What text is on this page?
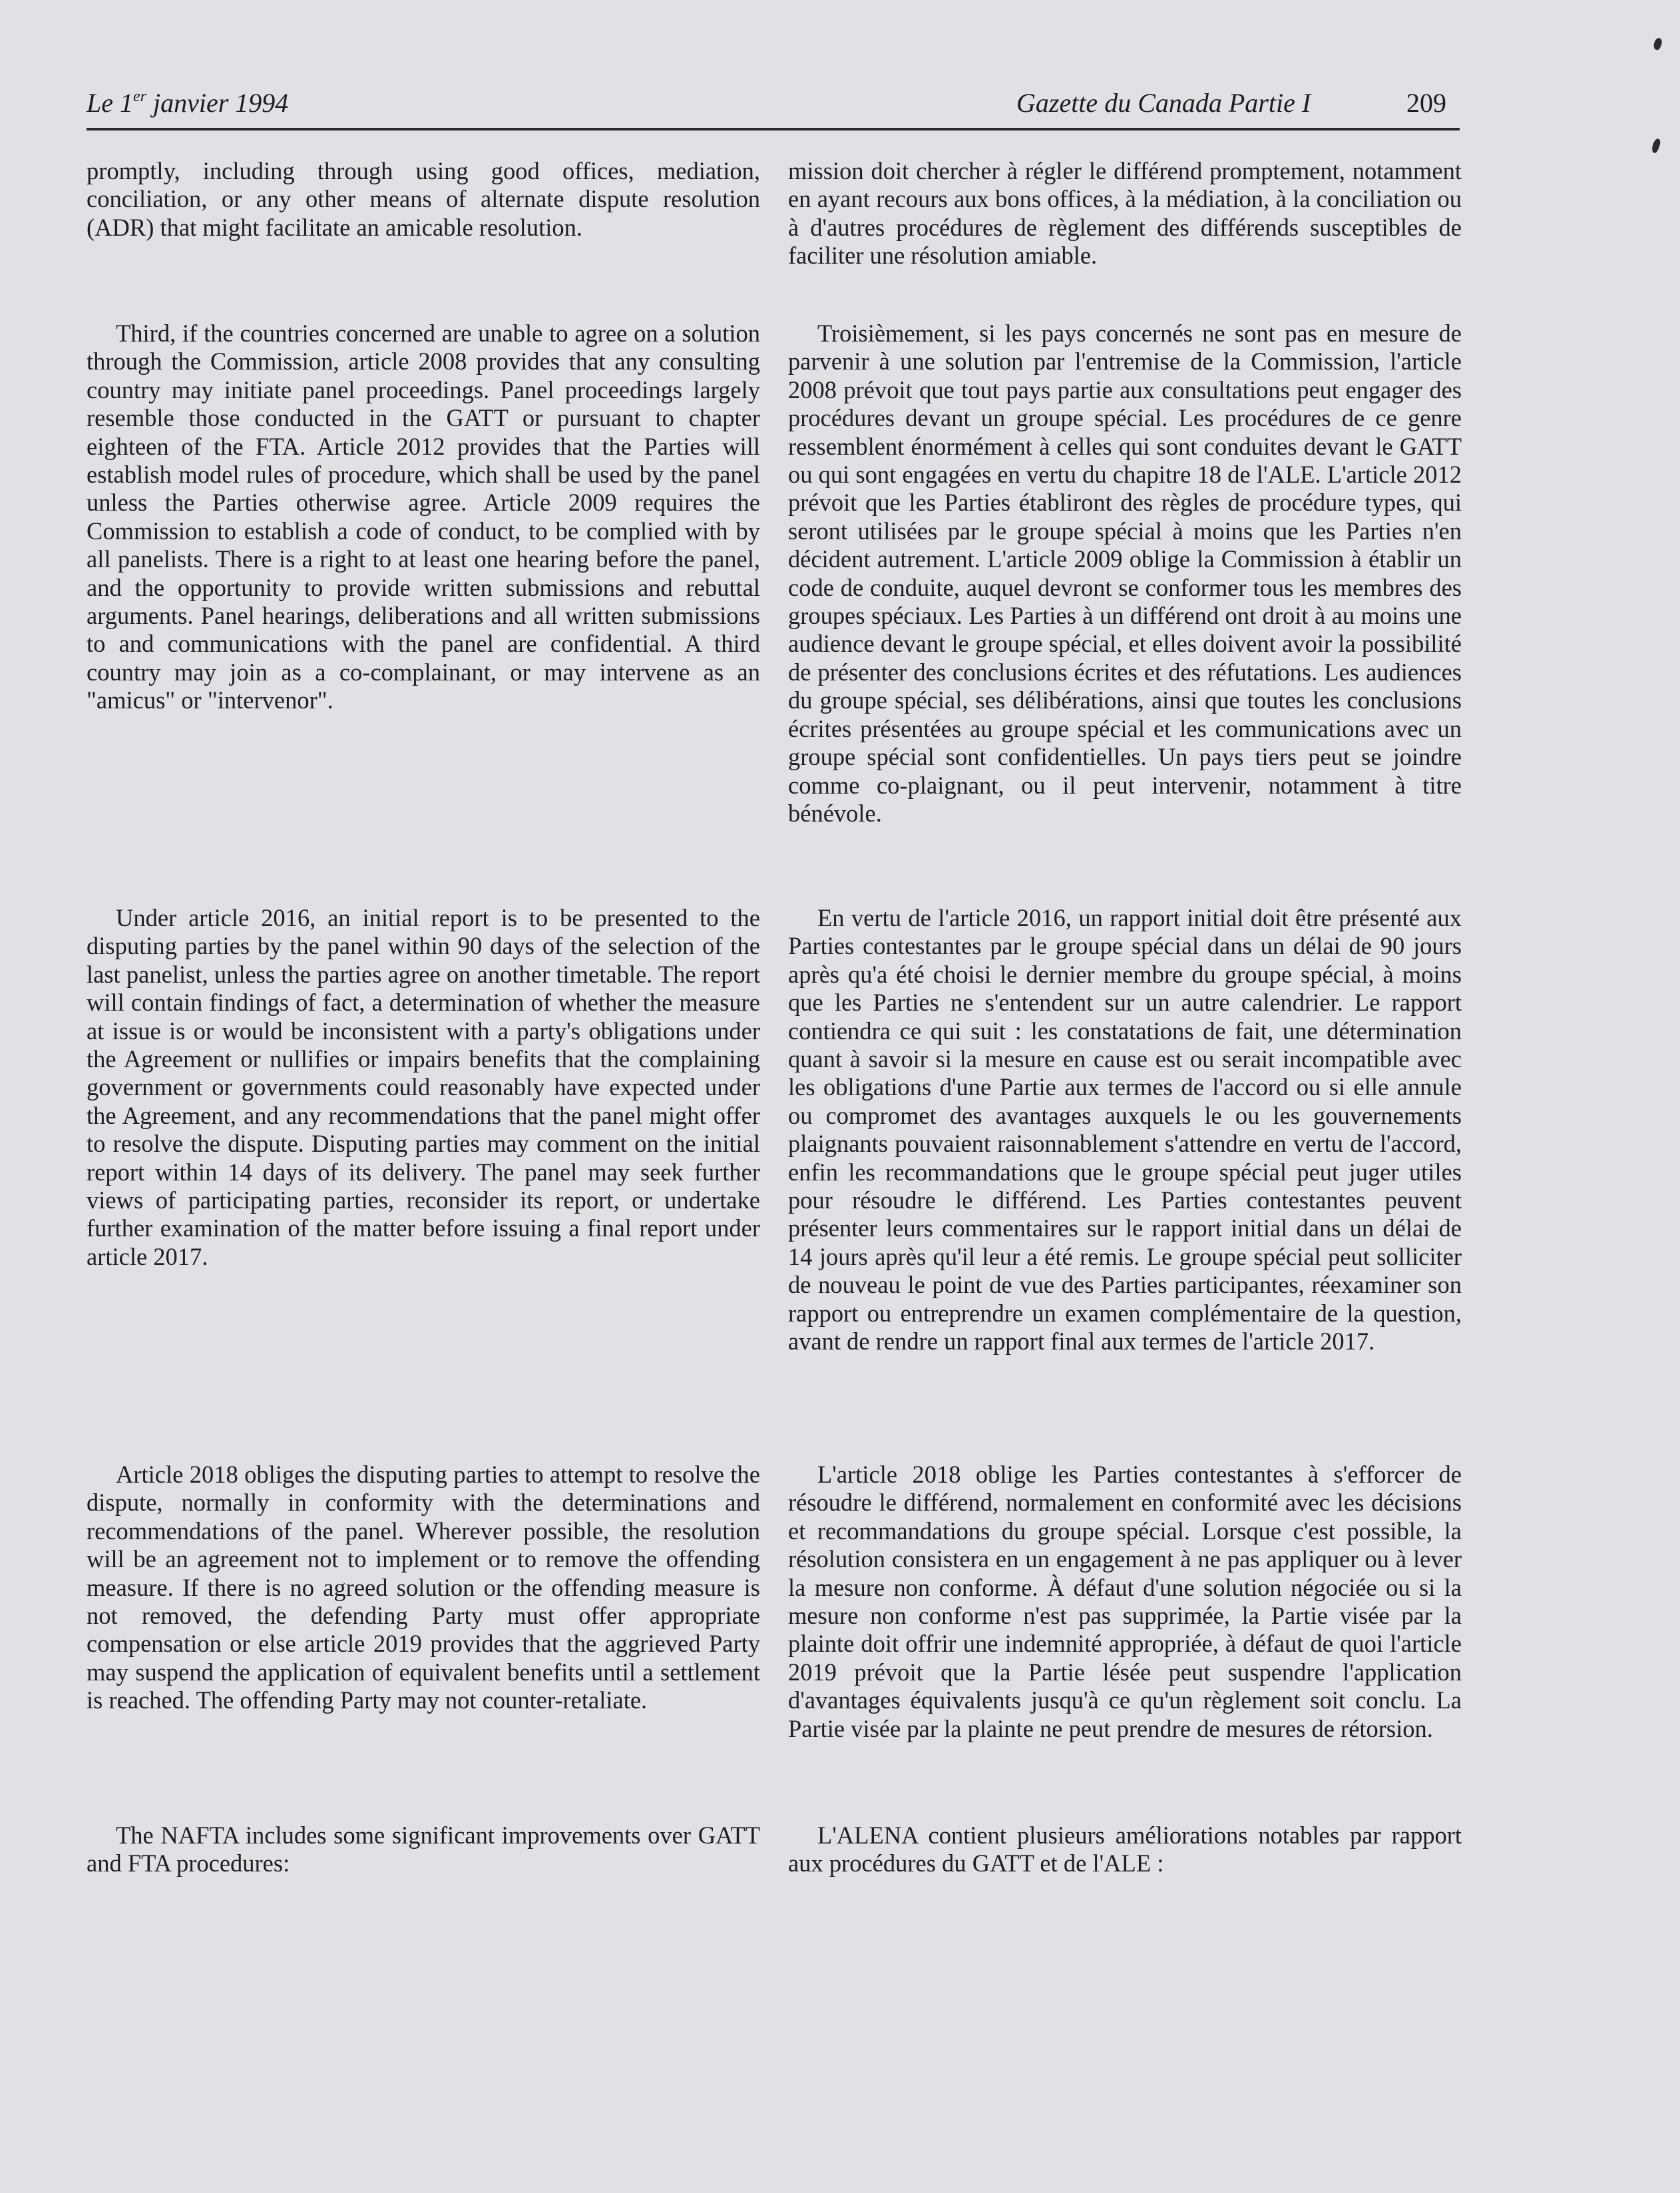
Le 1er janvier 1994	Gazette du Canada Partie I	209

promptly, including through using good offices, mediation, conciliation, or any other means of alternate dispute resolution (ADR) that might facilitate an amicable resolution.

Third, if the countries concerned are unable to agree on a solution through the Commission, article 2008 provides that any consulting country may initiate panel proceedings. Panel proceedings largely resemble those conducted in the GATT or pursuant to chapter eighteen of the FTA. Article 2012 provides that the Parties will establish model rules of procedure, which shall be used by the panel unless the Parties otherwise agree. Article 2009 requires the Commission to establish a code of conduct, to be complied with by all panelists. There is a right to at least one hearing before the panel, and the opportunity to provide written submissions and rebuttal arguments. Panel hearings, deliberations and all written submissions to and communications with the panel are confidential. A third country may join as a co-complainant, or may intervene as an "amicus" or "intervenor".

Under article 2016, an initial report is to be presented to the disputing parties by the panel within 90 days of the selection of the last panelist, unless the parties agree on another timetable. The report will contain findings of fact, a determination of whether the measure at issue is or would be inconsistent with a party's obligations under the Agreement or nullifies or impairs benefits that the complaining government or governments could reasonably have expected under the Agreement, and any recommendations that the panel might offer to resolve the dispute. Disputing parties may comment on the initial report within 14 days of its delivery. The panel may seek further views of participating parties, reconsider its report, or undertake further examination of the matter before issuing a final report under article 2017.

Article 2018 obliges the disputing parties to attempt to resolve the dispute, normally in conformity with the determinations and recommendations of the panel. Wherever possible, the resolution will be an agreement not to implement or to remove the offending measure. If there is no agreed solution or the offending measure is not removed, the defending Party must offer appropriate compensation or else article 2019 provides that the aggrieved Party may suspend the application of equivalent benefits until a settlement is reached. The offending Party may not counter-retaliate.

The NAFTA includes some significant improvements over GATT and FTA procedures:

mission doit chercher à régler le différend promptement, notamment en ayant recours aux bons offices, à la médiation, à la conciliation ou à d'autres procédures de règlement des différends susceptibles de faciliter une résolution amiable.

Troisièmement, si les pays concernés ne sont pas en mesure de parvenir à une solution par l'entremise de la Commission, l'article 2008 prévoit que tout pays partie aux consultations peut engager des procédures devant un groupe spécial. Les procédures de ce genre ressemblent énormément à celles qui sont conduites devant le GATT ou qui sont engagées en vertu du chapitre 18 de l'ALE. L'article 2012 prévoit que les Parties établiront des règles de procédure types, qui seront utilisées par le groupe spécial à moins que les Parties n'en décident autrement. L'article 2009 oblige la Commission à établir un code de conduite, auquel devront se conformer tous les membres des groupes spéciaux. Les Parties à un différend ont droit à au moins une audience devant le groupe spécial, et elles doivent avoir la possibilité de présenter des conclusions écrites et des réfutations. Les audiences du groupe spécial, ses délibérations, ainsi que toutes les conclusions écrites présentées au groupe spécial et les communications avec un groupe spécial sont confidentielles. Un pays tiers peut se joindre comme co-plaignant, ou il peut intervenir, notamment à titre bénévole.

En vertu de l'article 2016, un rapport initial doit être présenté aux Parties contestantes par le groupe spécial dans un délai de 90 jours après qu'a été choisi le dernier membre du groupe spécial, à moins que les Parties ne s'entendent sur un autre calendrier. Le rapport contiendra ce qui suit : les constatations de fait, une détermination quant à savoir si la mesure en cause est ou serait incompatible avec les obligations d'une Partie aux termes de l'accord ou si elle annule ou compromet des avantages auxquels le ou les gouvernements plaignants pouvaient raisonnablement s'attendre en vertu de l'accord, enfin les recommandations que le groupe spécial peut juger utiles pour résoudre le différend. Les Parties contestantes peuvent présenter leurs commentaires sur le rapport initial dans un délai de 14 jours après qu'il leur a été remis. Le groupe spécial peut solliciter de nouveau le point de vue des Parties participantes, réexaminer son rapport ou entreprendre un examen complémentaire de la question, avant de rendre un rapport final aux termes de l'article 2017.

L'article 2018 oblige les Parties contestantes à s'efforcer de résoudre le différend, normalement en conformité avec les décisions et recommandations du groupe spécial. Lorsque c'est possible, la résolution consistera en un engagement à ne pas appliquer ou à lever la mesure non conforme. À défaut d'une solution négociée ou si la mesure non conforme n'est pas supprimée, la Partie visée par la plainte doit offrir une indemnité appropriée, à défaut de quoi l'article 2019 prévoit que la Partie lésée peut suspendre l'application d'avantages équivalents jusqu'à ce qu'un règlement soit conclu. La Partie visée par la plainte ne peut prendre de mesures de rétorsion.

L'ALENA contient plusieurs améliorations notables par rapport aux procédures du GATT et de l'ALE :
